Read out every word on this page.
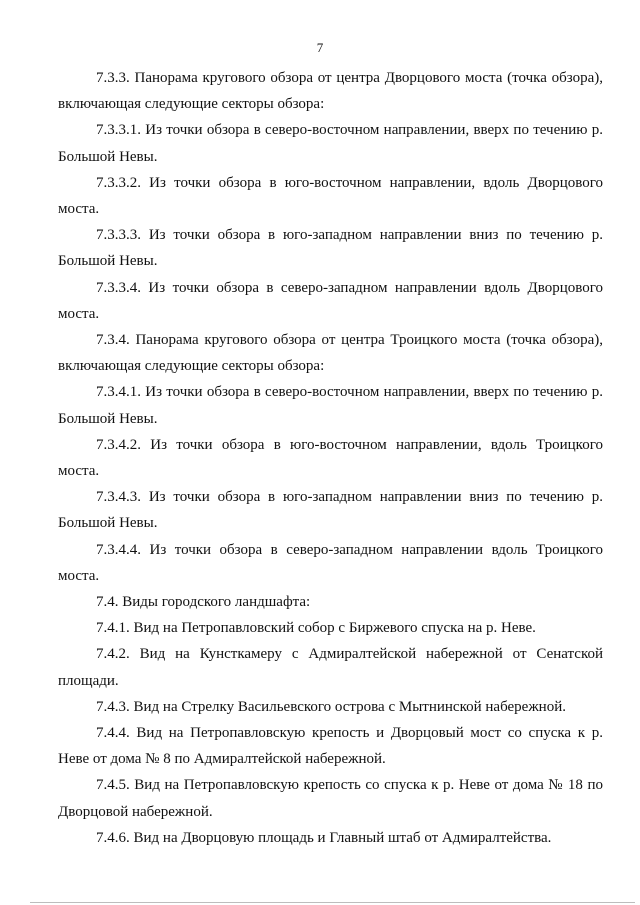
7

7.3.3. Панорама кругового обзора от центра Дворцового моста (точка обзора), включающая следующие секторы обзора:

7.3.3.1. Из точки обзора в северо-восточном направлении, вверх по течению р. Большой Невы.

7.3.3.2. Из точки обзора в юго-восточном направлении, вдоль Дворцового моста.

7.3.3.3. Из точки обзора в юго-западном направлении вниз по течению р. Большой Невы.

7.3.3.4. Из точки обзора в северо-западном направлении вдоль Дворцового моста.

7.3.4. Панорама кругового обзора от центра Троицкого моста (точка обзора), включающая следующие секторы обзора:

7.3.4.1. Из точки обзора в северо-восточном направлении, вверх по течению р. Большой Невы.

7.3.4.2. Из точки обзора в юго-восточном направлении, вдоль Троицкого моста.

7.3.4.3. Из точки обзора в юго-западном направлении вниз по течению р. Большой Невы.

7.3.4.4. Из точки обзора в северо-западном направлении вдоль Троицкого моста.

7.4. Виды городского ландшафта:

7.4.1. Вид на Петропавловский собор с Биржевого спуска на р. Неве.

7.4.2. Вид на Кунсткамеру с Адмиралтейской набережной от Сенатской площади.

7.4.3. Вид на Стрелку Васильевского острова с Мытнинской набережной.

7.4.4. Вид на Петропавловскую крепость и Дворцовый мост со спуска к р. Неве от дома № 8 по Адмиралтейской набережной.

7.4.5. Вид на Петропавловскую крепость со спуска к р. Неве от дома № 18 по Дворцовой набережной.

7.4.6. Вид на Дворцовую площадь и Главный штаб от Адмиралтейства.
